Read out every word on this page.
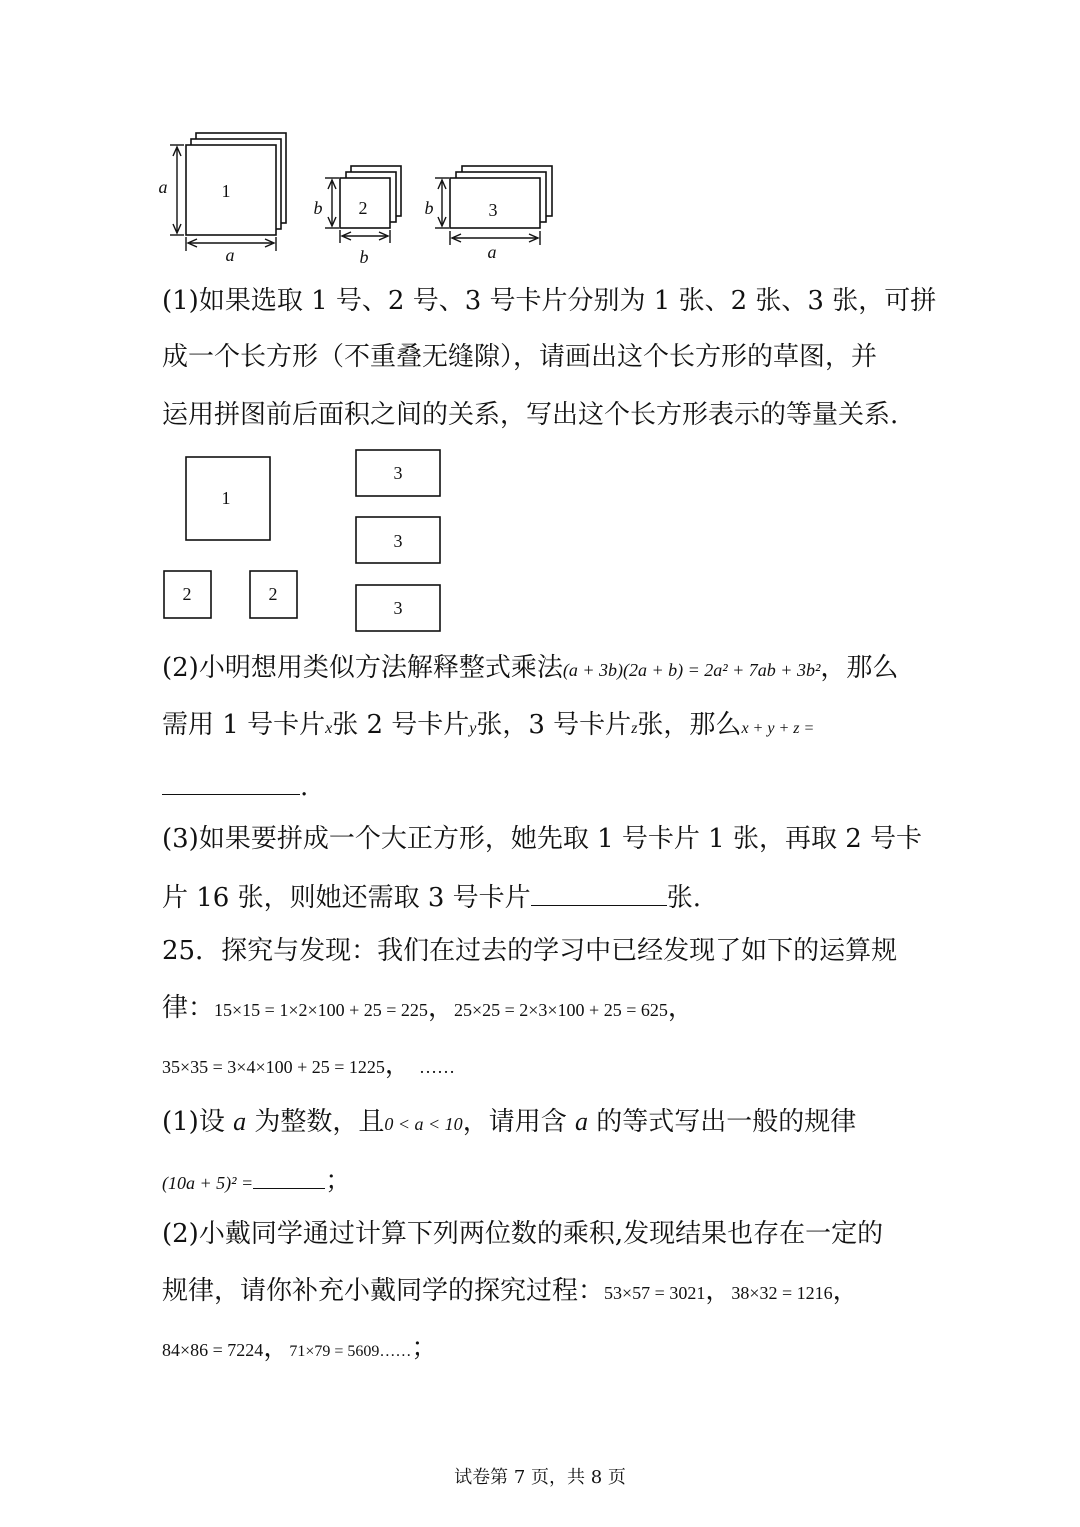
1
a
a
2
b
b
3
b
a
(1)如果选取 1 号、2 号、3 号卡片分别为 1 张、2 张、3 张，可拼
成一个长方形（不重叠无缝隙），请画出这个长方形的草图，并
运用拼图前后面积之间的关系，写出这个长方形表示的等量关系.
1
2	2
3
3
3
(2)小明想用类似方法解释整式乘法(a + 3b)(2a + b) = 2a² + 7ab + 3b²，那么
需用 1 号卡片x张 2 号卡片y张，3 号卡片z张，那么x + y + z =
.
(3)如果要拼成一个大正方形，她先取 1 号卡片 1 张，再取 2 号卡
片 16 张，则她还需取 3 号卡片	张.
25．探究与发现：我们在过去的学习中已经发现了如下的运算规
律：15×15 = 1×2×100 + 25 = 225，25×25 = 2×3×100 + 25 = 625，
35×35 = 3×4×100 + 25 = 1225， ……
(1)设 a 为整数，且0 < a < 10，请用含 a 的等式写出一般的规律
(10a + 5)² =	；
(2)小戴同学通过计算下列两位数的乘积,发现结果也存在一定的
规律，请你补充小戴同学的探究过程：53×57 = 3021，38×32 = 1216，
84×86 = 7224，71×79 = 5609……；
试卷第 7 页，共 8 页
